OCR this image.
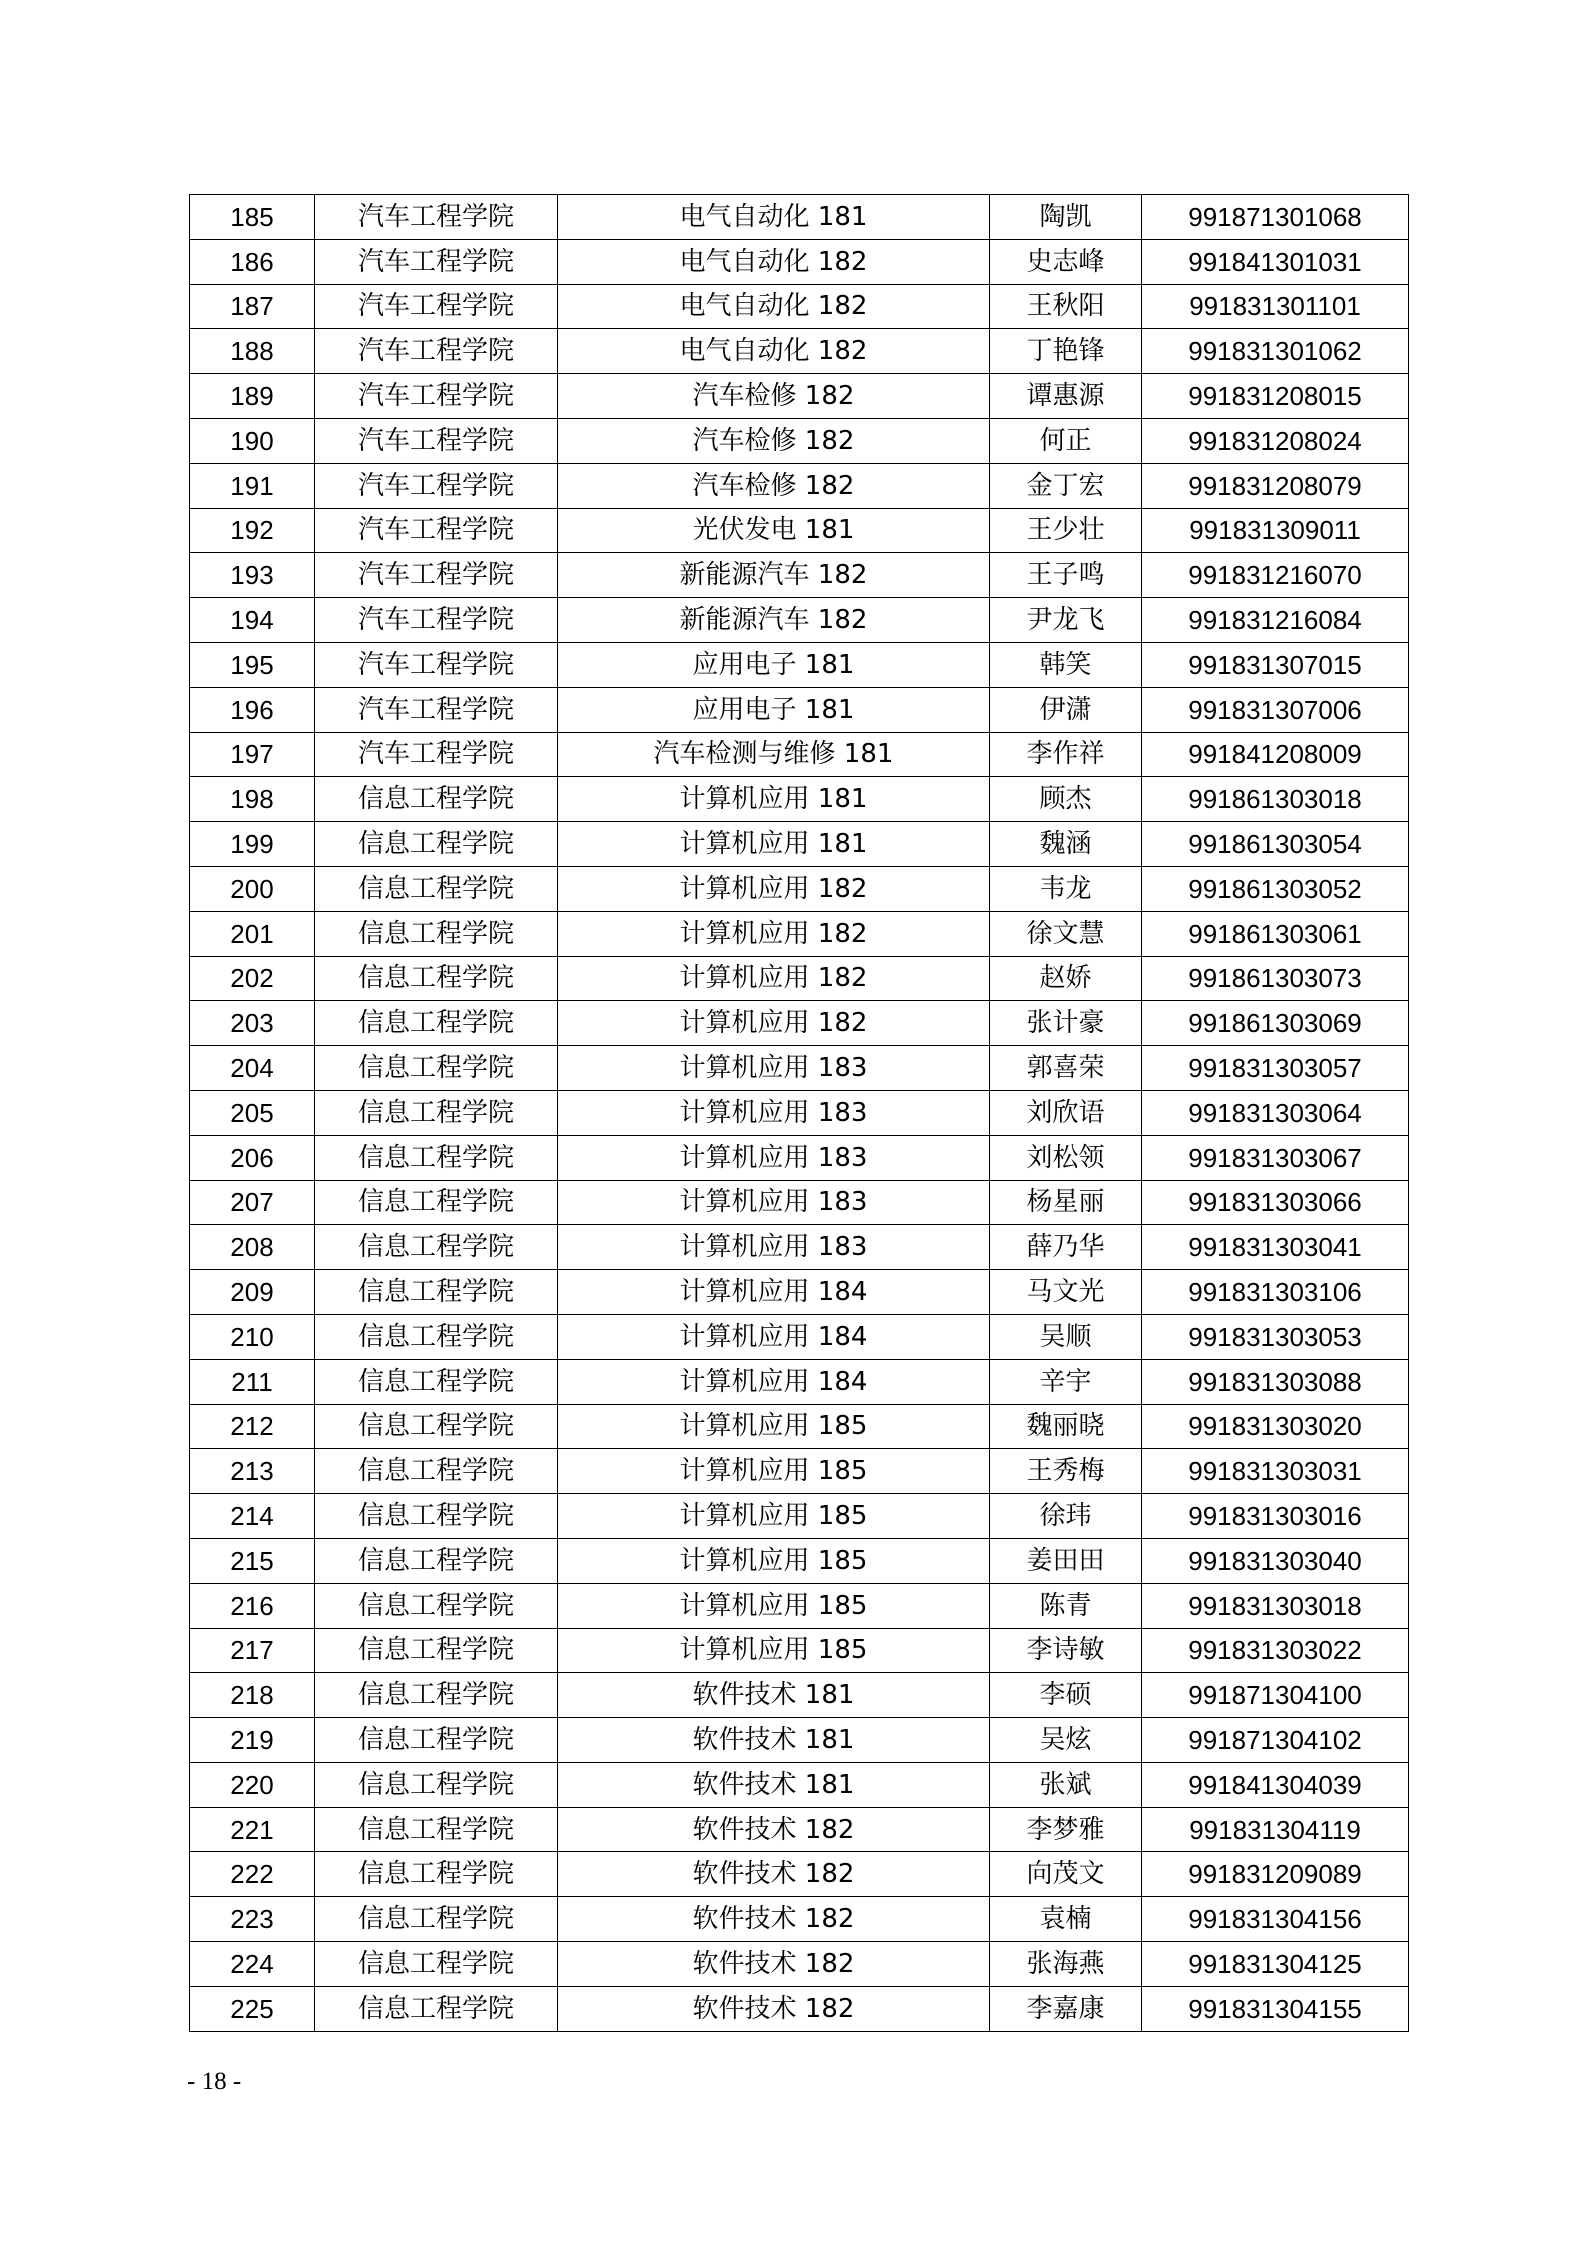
185	汽车工程学院	电气自动化 181	陶凯	991871301068
186	汽车工程学院	电气自动化 182	史志峰	991841301031
187	汽车工程学院	电气自动化 182	王秋阳	991831301101
188	汽车工程学院	电气自动化 182	丁艳锋	991831301062
189	汽车工程学院	汽车检修 182	谭惠源	991831208015
190	汽车工程学院	汽车检修 182	何正	991831208024
191	汽车工程学院	汽车检修 182	金丁宏	991831208079
192	汽车工程学院	光伏发电 181	王少壮	991831309011
193	汽车工程学院	新能源汽车 182	王子鸣	991831216070
194	汽车工程学院	新能源汽车 182	尹龙飞	991831216084
195	汽车工程学院	应用电子 181	韩笑	991831307015
196	汽车工程学院	应用电子 181	伊潇	991831307006
197	汽车工程学院	汽车检测与维修 181	李作祥	991841208009
198	信息工程学院	计算机应用 181	顾杰	991861303018
199	信息工程学院	计算机应用 181	魏涵	991861303054
200	信息工程学院	计算机应用 182	韦龙	991861303052
201	信息工程学院	计算机应用 182	徐文慧	991861303061
202	信息工程学院	计算机应用 182	赵娇	991861303073
203	信息工程学院	计算机应用 182	张计豪	991861303069
204	信息工程学院	计算机应用 183	郭喜荣	991831303057
205	信息工程学院	计算机应用 183	刘欣语	991831303064
206	信息工程学院	计算机应用 183	刘松领	991831303067
207	信息工程学院	计算机应用 183	杨星丽	991831303066
208	信息工程学院	计算机应用 183	薛乃华	991831303041
209	信息工程学院	计算机应用 184	马文光	991831303106
210	信息工程学院	计算机应用 184	吴顺	991831303053
211	信息工程学院	计算机应用 184	辛宇	991831303088
212	信息工程学院	计算机应用 185	魏丽晓	991831303020
213	信息工程学院	计算机应用 185	王秀梅	991831303031
214	信息工程学院	计算机应用 185	徐玮	991831303016
215	信息工程学院	计算机应用 185	姜田田	991831303040
216	信息工程学院	计算机应用 185	陈青	991831303018
217	信息工程学院	计算机应用 185	李诗敏	991831303022
218	信息工程学院	软件技术 181	李硕	991871304100
219	信息工程学院	软件技术 181	吴炫	991871304102
220	信息工程学院	软件技术 181	张斌	991841304039
221	信息工程学院	软件技术 182	李梦雅	991831304119
222	信息工程学院	软件技术 182	向茂文	991831209089
223	信息工程学院	软件技术 182	袁楠	991831304156
224	信息工程学院	软件技术 182	张海燕	991831304125
225	信息工程学院	软件技术 182	李嘉康	991831304155
- 18 -
